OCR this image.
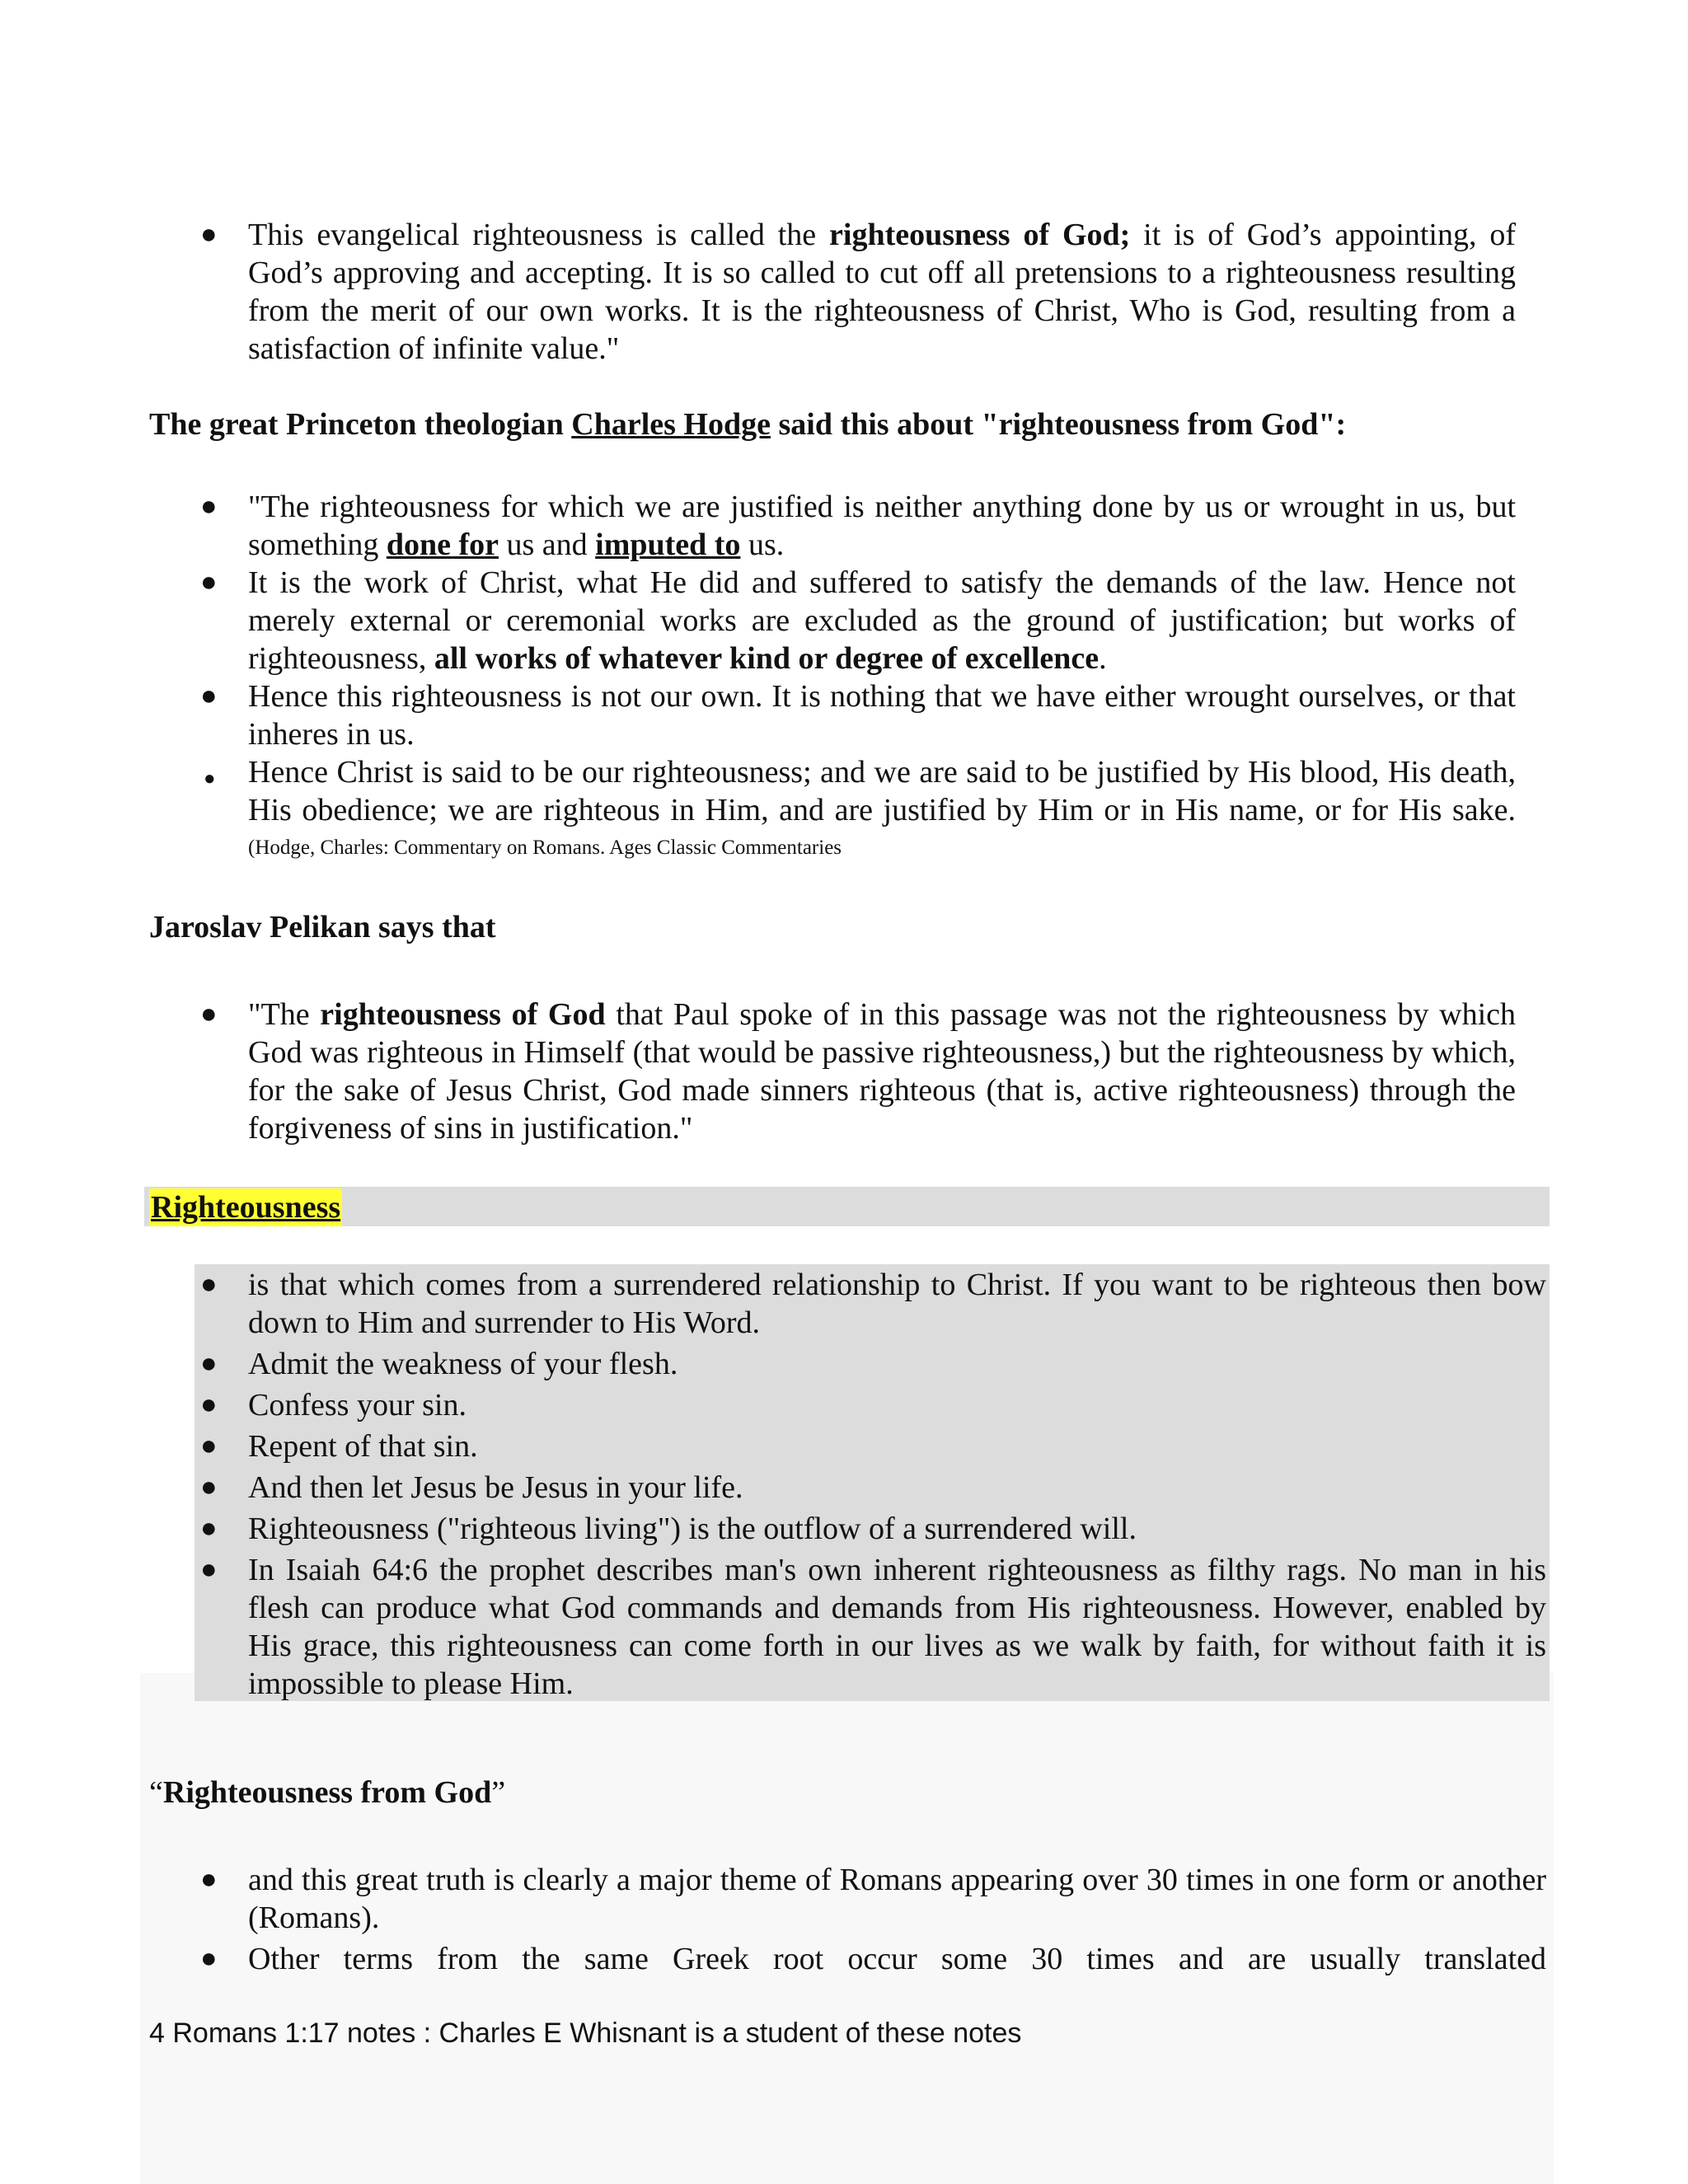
● This evangelical righteousness is called the righteousness of God; it is of God’s appointing, of God’s approving and accepting. It is so called to cut off all pretensions to a righteousness resulting from the merit of our own works. It is the righteousness of Christ, Who is God, resulting from a satisfaction of infinite value."
The great Princeton theologian Charles Hodge said this about "righteousness from God":
● "The righteousness for which we are justified is neither anything done by us or wrought in us, but something done for us and imputed to us.
● It is the work of Christ, what He did and suffered to satisfy the demands of the law. Hence not merely external or ceremonial works are excluded as the ground of justification; but works of righteousness, all works of whatever kind or degree of excellence.
● Hence this righteousness is not our own. It is nothing that we have either wrought ourselves, or that inheres in us.
● Hence Christ is said to be our righteousness; and we are said to be justified by His blood, His death, His obedience; we are righteous in Him, and are justified by Him or in His name, or for His sake. $^{(Hodge, Charles: Commentary on Romans. Ages Classic Commentaries}$
Jaroslav Pelikan says that
● "The righteousness of God that Paul spoke of in this passage was not the righteousness by which God was righteous in Himself (that would be passive righteousness,) but the righteousness by which, for the sake of Jesus Christ, God made sinners righteous (that is, active righteousness) through the forgiveness of sins in justification."
Righteousness
● is that which comes from a surrendered relationship to Christ. If you want to be righteous then bow down to Him and surrender to His Word.
● Admit the weakness of your flesh.
● Confess your sin.
● Repent of that sin.
● And then let Jesus be Jesus in your life.
● Righteousness ("righteous living") is the outflow of a surrendered will.
● In Isaiah 64:6 the prophet describes man's own inherent righteousness as filthy rags. No man in his flesh can produce what God commands and demands from His righteousness. However, enabled by His grace, this righteousness can come forth in our lives as we walk by faith, for without faith it is impossible to please Him.
“Righteousness from God”
● and this great truth is clearly a major theme of Romans appearing over 30 times in one form or another (Romans).
● Other terms from the same Greek root occur some 30 times and are usually translated
4 Romans 1:17 notes : Charles E Whisnant is a student of these notes
